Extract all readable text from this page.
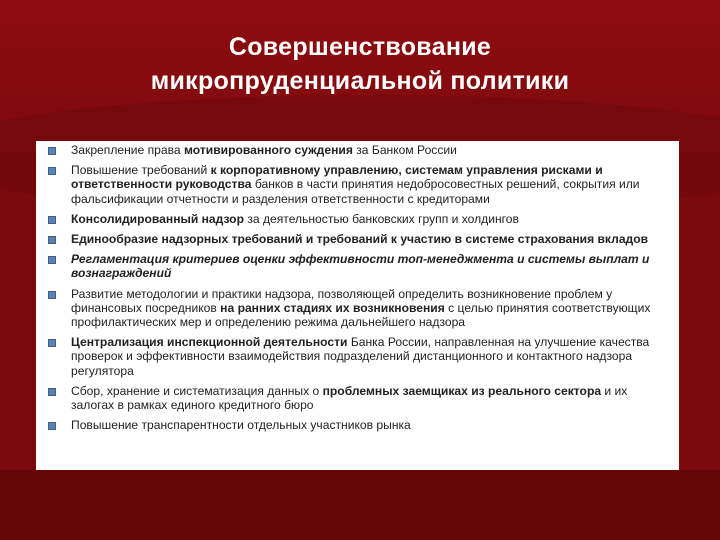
Совершенствование
микропруденциальной политики
Закрепление права мотивированного суждения за Банком России
Повышение требований к корпоративному управлению, системам управления рисками и ответственности руководства банков в части принятия недобросовестных решений, сокрытия или фальсификации отчетности и разделения ответственности с кредиторами
Консолидированный надзор за деятельностью банковских групп и холдингов
Единообразие надзорных требований и требований к участию в системе страхования вкладов
Регламентация критериев оценки эффективности топ-менеджмента и системы выплат и вознаграждений
Развитие методологии и практики надзора, позволяющей определить возникновение проблем у финансовых посредников на ранних стадиях их возникновения с целью принятия соответствующих профилактических мер и определению режима дальнейшего надзора
Централизация инспекционной деятельности Банка России, направленная на улучшение качества проверок и эффективности взаимодействия подразделений дистанционного и контактного надзора регулятора
Сбор, хранение и систематизация данных о проблемных заемщиках из реального сектора и их залогах в рамках единого кредитного бюро
Повышение транспарентности отдельных участников рынка
